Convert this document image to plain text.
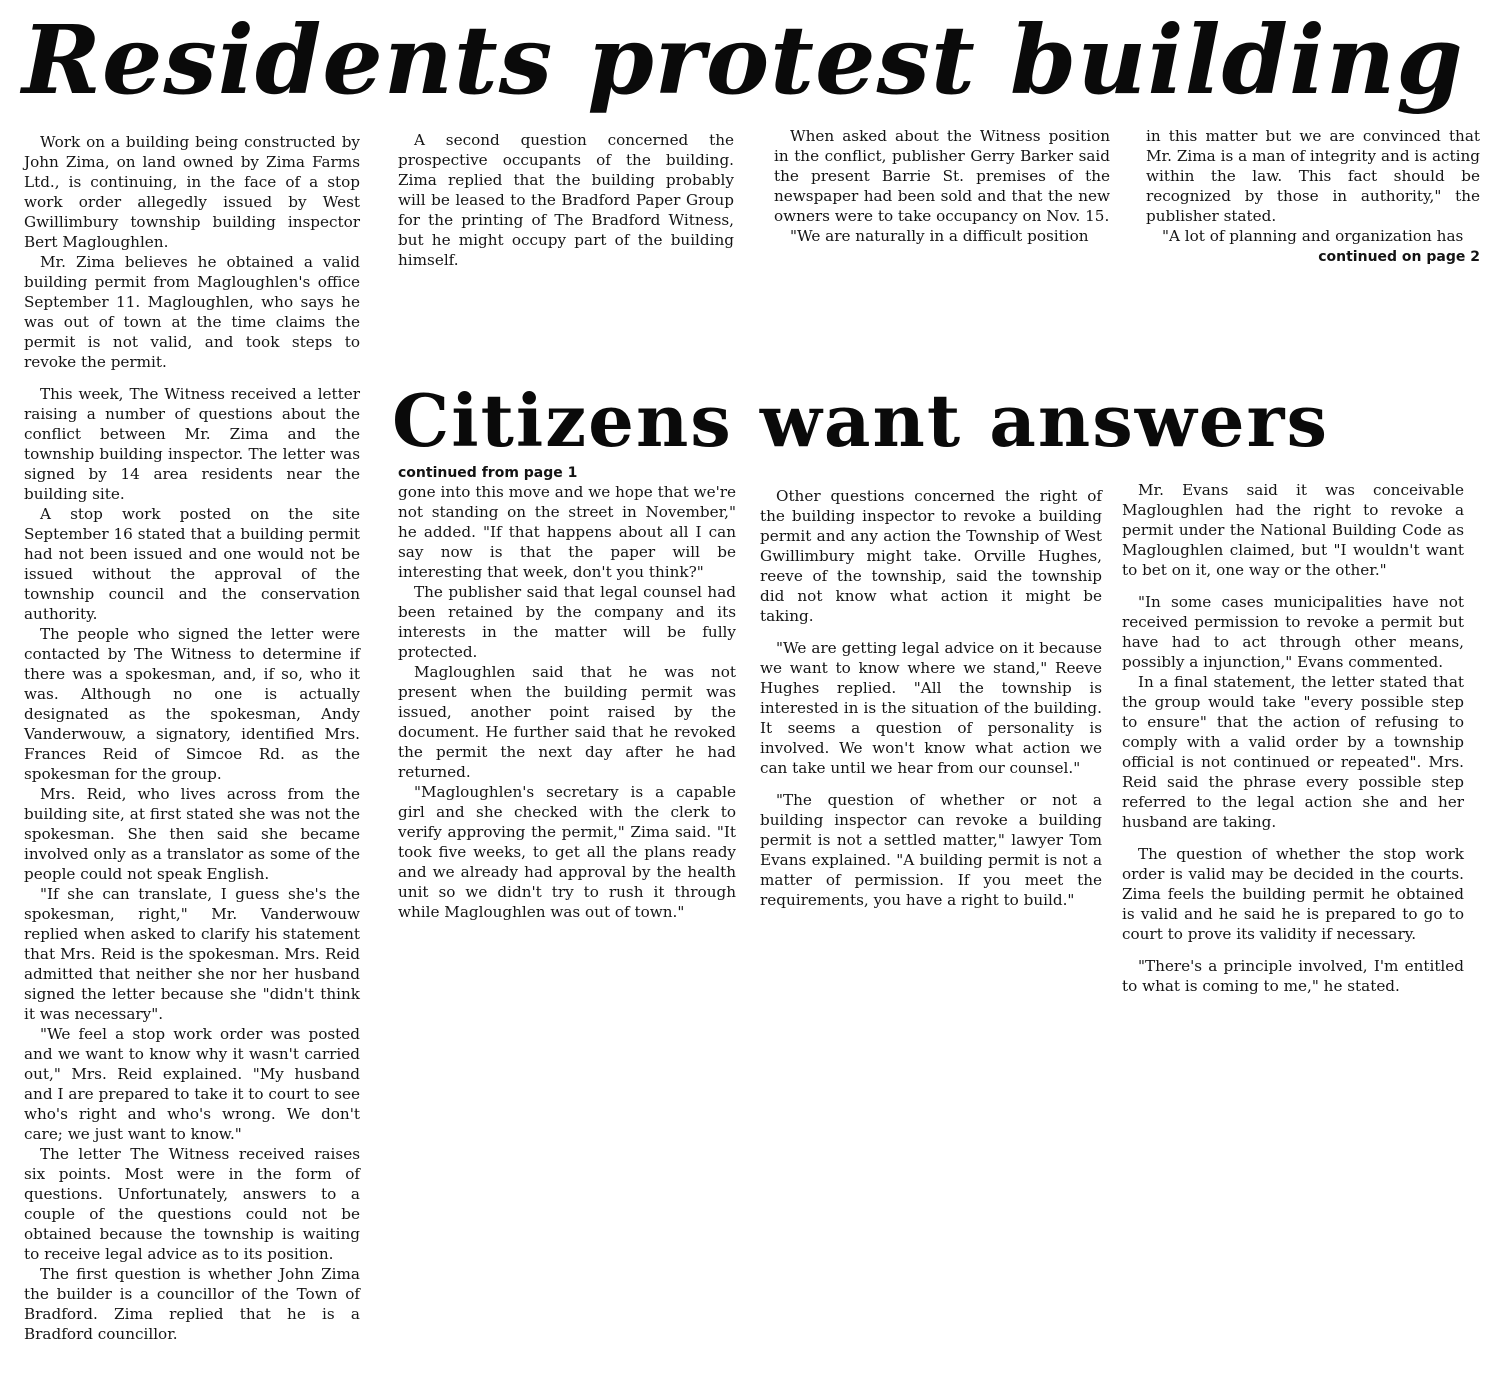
Residents protest building

Work on a building being constructed by John Zima, on land owned by Zima Farms Ltd., is continuing, in the face of a stop work order allegedly issued by West Gwillimbury township building inspector Bert Magloughlen.

Mr. Zima believes he obtained a valid building permit from Magloughlen's office September 11. Magloughlen, who says he was out of town at the time claims the permit is not valid, and took steps to revoke the permit.

This week, The Witness received a letter raising a number of questions about the conflict between Mr. Zima and the township building inspector. The letter was signed by 14 area residents near the building site.

A stop work posted on the site September 16 stated that a building permit had not been issued and one would not be issued without the approval of the township council and the conservation authority.

The people who signed the letter were contacted by The Witness to determine if there was a spokesman, and, if so, who it was. Although no one is actually designated as the spokesman, Andy Vanderwouw, a signatory, identified Mrs. Frances Reid of Simcoe Rd. as the spokesman for the group.

Mrs. Reid, who lives across from the building site, at first stated she was not the spokesman. She then said she became involved only as a translator as some of the people could not speak English.

"If she can translate, I guess she's the spokesman, right," Mr. Vanderwouw replied when asked to clarify his statement that Mrs. Reid is the spokesman. Mrs. Reid admitted that neither she nor her husband signed the letter because she "didn't think it was necessary".

"We feel a stop work order was posted and we want to know why it wasn't carried out," Mrs. Reid explained. "My husband and I are prepared to take it to court to see who's right and who's wrong. We don't care; we just want to know."

The letter The Witness received raises six points. Most were in the form of questions. Unfortunately, answers to a couple of the questions could not be obtained because the township is waiting to receive legal advice as to its position.

The first question is whether John Zima the builder is a councillor of the Town of Bradford. Zima replied that he is a Bradford councillor.

A second question concerned the prospective occupants of the building. Zima replied that the building probably will be leased to the Bradford Paper Group for the printing of The Bradford Witness, but he might occupy part of the building himself.

When asked about the Witness position in the conflict, publisher Gerry Barker said the present Barrie St. premises of the newspaper had been sold and that the new owners were to take occupancy on Nov. 15.

"We are naturally in a difficult position

in this matter but we are convinced that Mr. Zima is a man of integrity and is acting within the law. This fact should be recognized by those in authority," the publisher stated.

"A lot of planning and organization has

continued on page 2
Citizens want answers
continued from page 1

gone into this move and we hope that we're not standing on the street in November," he added. "If that happens about all I can say now is that the paper will be interesting that week, don't you think?"

The publisher said that legal counsel had been retained by the company and its interests in the matter will be fully protected.

Magloughlen said that he was not present when the building permit was issued, another point raised by the document. He further said that he revoked the permit the next day after he had returned.

"Magloughlen's secretary is a capable girl and she checked with the clerk to verify approving the permit," Zima said. "It took five weeks, to get all the plans ready and we already had approval by the health unit so we didn't try to rush it through while Magloughlen was out of town."

Other questions concerned the right of the building inspector to revoke a building permit and any action the Township of West Gwillimbury might take. Orville Hughes, reeve of the township, said the township did not know what action it might be taking.

"We are getting legal advice on it because we want to know where we stand," Reeve Hughes replied. "All the township is interested in is the situation of the building. It seems a question of personality is involved. We won't know what action we can take until we hear from our counsel."

"The question of whether or not a building inspector can revoke a building permit is not a settled matter," lawyer Tom Evans explained. "A building permit is not a matter of permission. If you meet the requirements, you have a right to build."

Mr. Evans said it was conceivable Magloughlen had the right to revoke a permit under the National Building Code as Magloughlen claimed, but "I wouldn't want to bet on it, one way or the other."

"In some cases municipalities have not received permission to revoke a permit but have had to act through other means, possibly a injunction," Evans commented.

In a final statement, the letter stated that the group would take "every possible step to ensure" that the action of refusing to comply with a valid order by a township official is not continued or repeated". Mrs. Reid said the phrase every possible step referred to the legal action she and her husband are taking.

The question of whether the stop work order is valid may be decided in the courts. Zima feels the building permit he obtained is valid and he said he is prepared to go to court to prove its validity if necessary.

"There's a principle involved, I'm entitled to what is coming to me," he stated.
